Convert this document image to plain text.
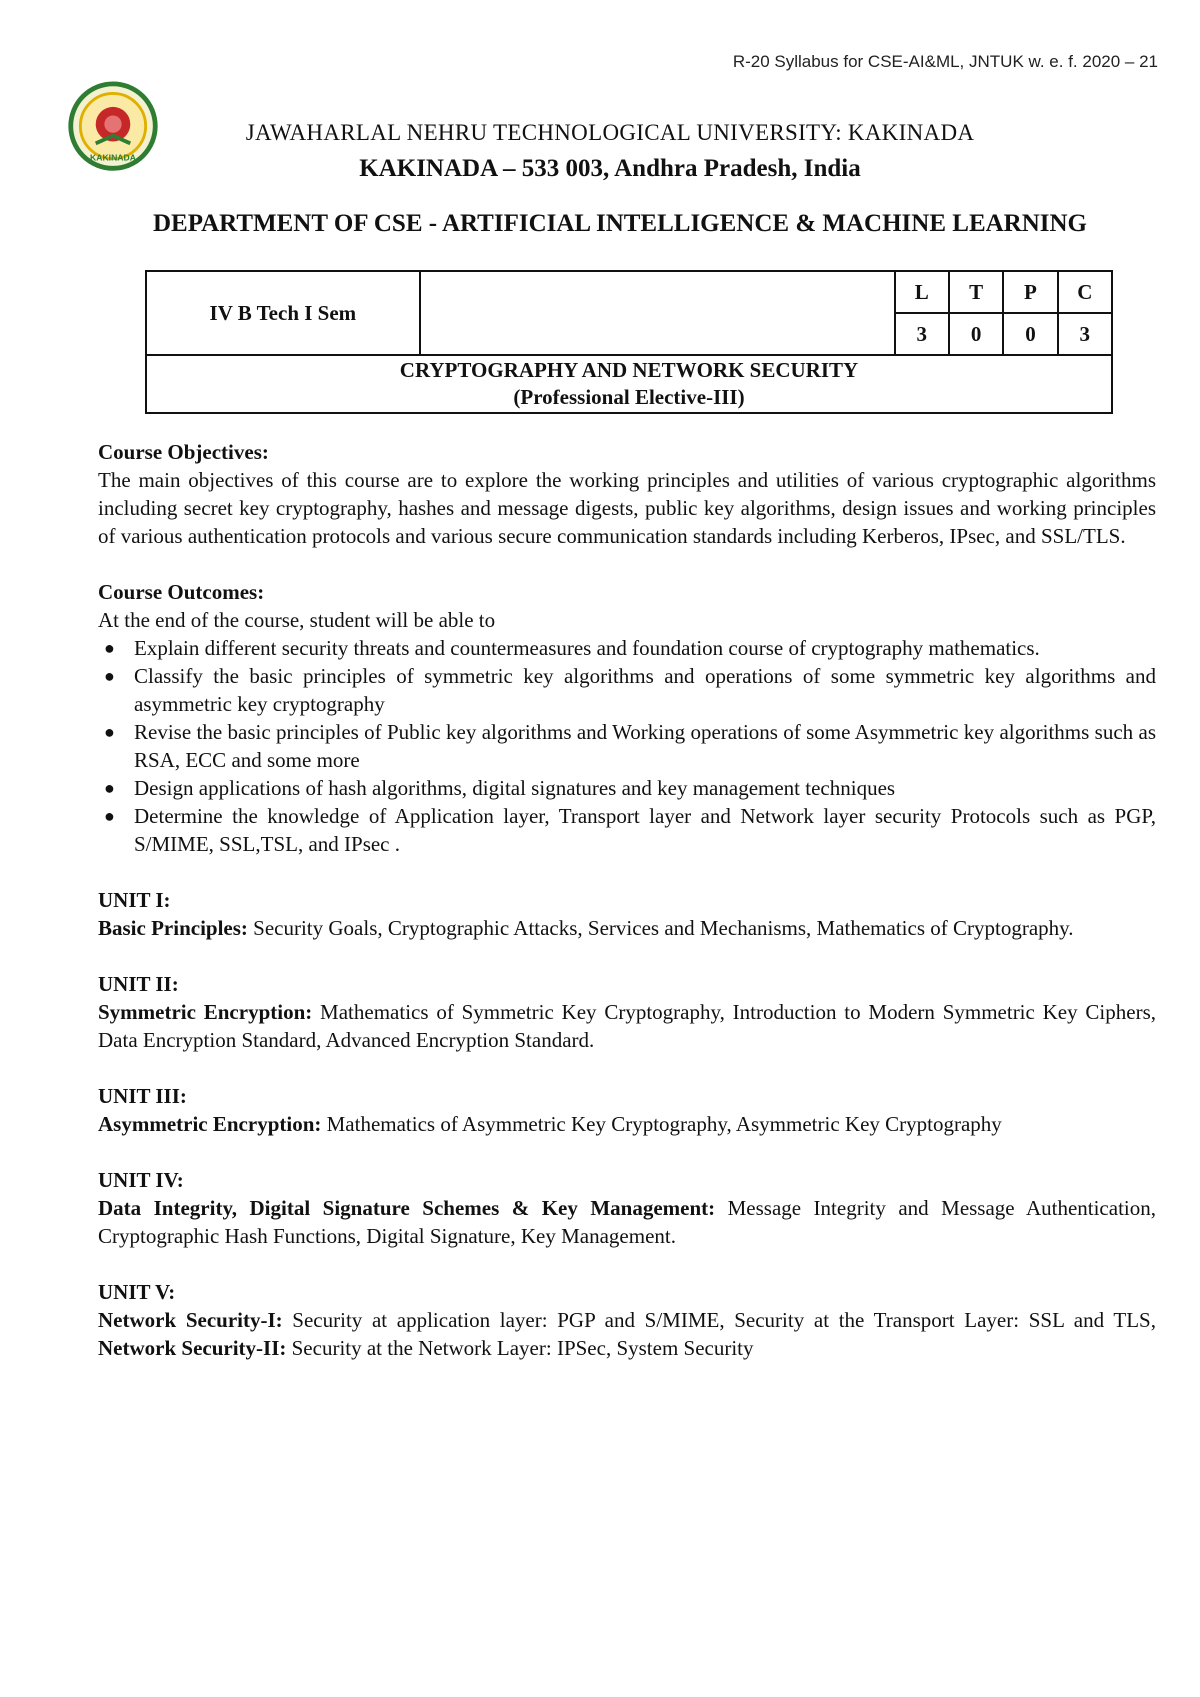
R-20 Syllabus for CSE-AI&ML, JNTUK w. e. f. 2020 – 21
KAKINADA
JAWAHARLAL NEHRU TECHNOLOGICAL UNIVERSITY: KAKINADA
KAKINADA – 533 003, Andhra Pradesh, India
DEPARTMENT OF CSE - ARTIFICIAL INTELLIGENCE & MACHINE LEARNING
IV B Tech I Sem		L	T	P	C
		3	0	0	3

CRYPTOGRAPHY AND NETWORK SECURITY
(Professional Elective-III)					

Course Objectives:

The main objectives of this course are to explore the working principles and utilities of various cryptographic algorithms including secret key cryptography, hashes and message digests, public key algorithms, design issues and working principles of various authentication protocols and various secure communication standards including Kerberos, IPsec, and SSL/TLS.

Course Outcomes:

At the end of the course, student will be able to

● Explain different security threats and countermeasures and foundation course of cryptography mathematics.
● Classify the basic principles of symmetric key algorithms and operations of some symmetric key algorithms and asymmetric key cryptography
● Revise the basic principles of Public key algorithms and Working operations of some Asymmetric key algorithms such as RSA, ECC and some more
● Design applications of hash algorithms, digital signatures and key management techniques
● Determine the knowledge of Application layer, Transport layer and Network layer security Protocols such as PGP, S/MIME, SSL,TSL, and IPsec .

UNIT I:

Basic Principles: Security Goals, Cryptographic Attacks, Services and Mechanisms, Mathematics of Cryptography.

UNIT II:

Symmetric Encryption: Mathematics of Symmetric Key Cryptography, Introduction to Modern Symmetric Key Ciphers, Data Encryption Standard, Advanced Encryption Standard.

UNIT III:

Asymmetric Encryption: Mathematics of Asymmetric Key Cryptography, Asymmetric Key Cryptography

UNIT IV:

Data Integrity, Digital Signature Schemes & Key Management: Message Integrity and Message Authentication, Cryptographic Hash Functions, Digital Signature, Key Management.

UNIT V:

Network Security-I: Security at application layer: PGP and S/MIME, Security at the Transport Layer: SSL and TLS, Network Security-II: Security at the Network Layer: IPSec, System Security
